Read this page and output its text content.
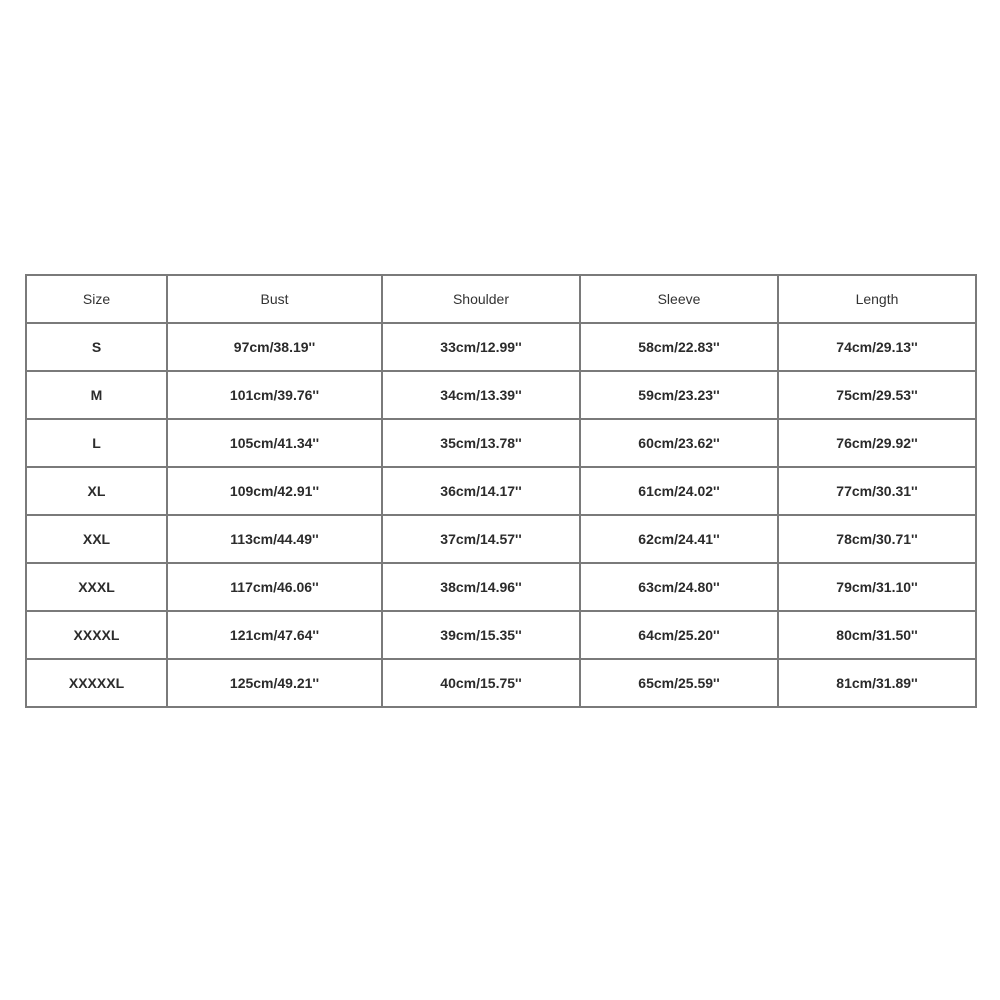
Size	Bust	Shoulder	Sleeve	Length
S	97cm/38.19''	33cm/12.99''	58cm/22.83''	74cm/29.13''
M	101cm/39.76''	34cm/13.39''	59cm/23.23''	75cm/29.53''
L	105cm/41.34''	35cm/13.78''	60cm/23.62''	76cm/29.92''
XL	109cm/42.91''	36cm/14.17''	61cm/24.02''	77cm/30.31''
XXL	113cm/44.49''	37cm/14.57''	62cm/24.41''	78cm/30.71''
XXXL	117cm/46.06''	38cm/14.96''	63cm/24.80''	79cm/31.10''
XXXXL	121cm/47.64''	39cm/15.35''	64cm/25.20''	80cm/31.50''
XXXXXL	125cm/49.21''	40cm/15.75''	65cm/25.59''	81cm/31.89''
